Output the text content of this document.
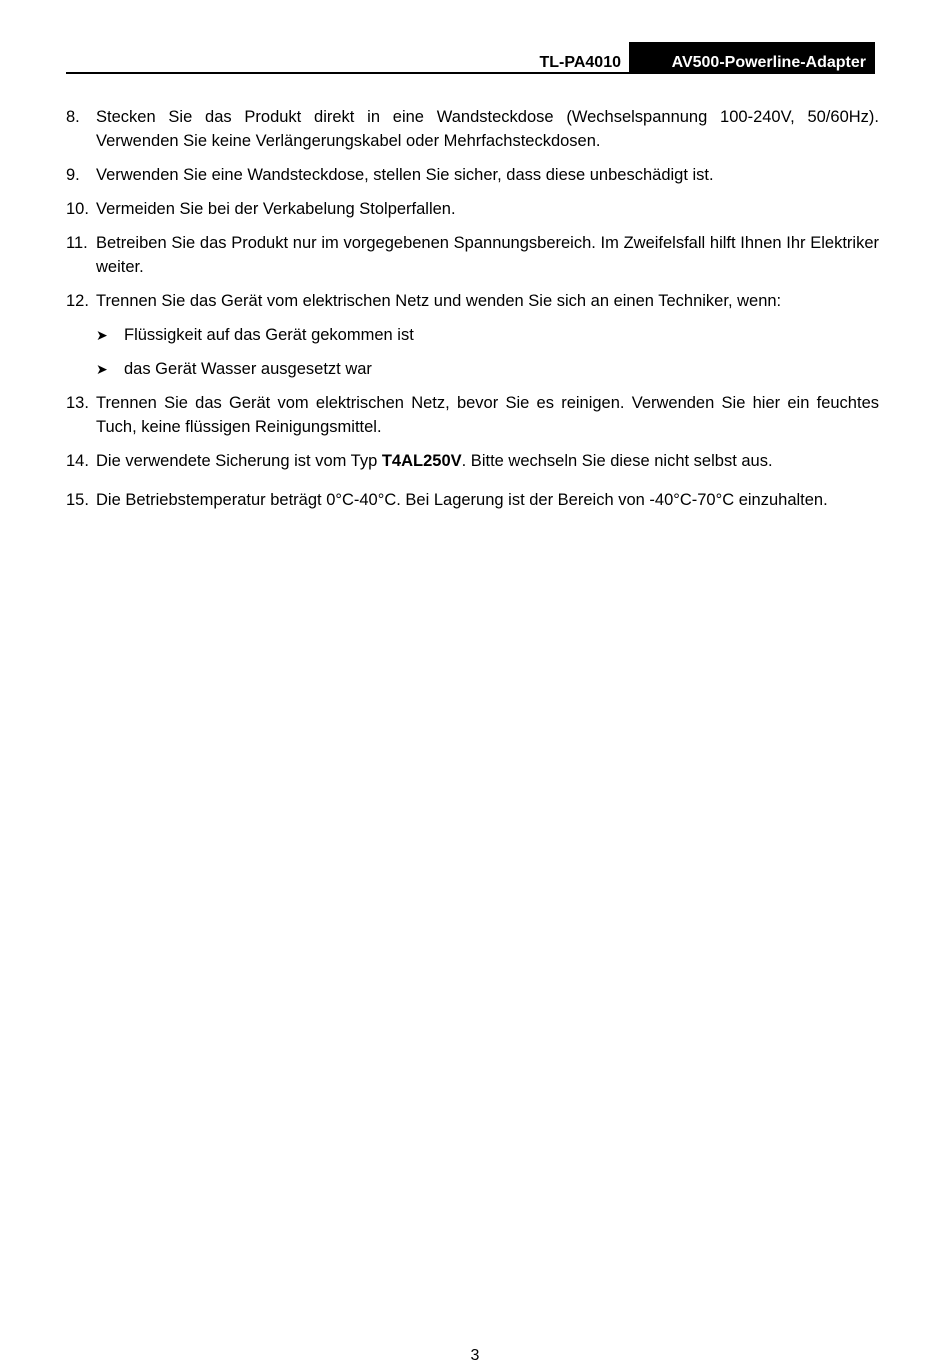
TL-PA4010	AV500-Powerline-Adapter
8. Stecken Sie das Produkt direkt in eine Wandsteckdose (Wechselspannung 100-240V, 50/60Hz). Verwenden Sie keine Verlängerungskabel oder Mehrfachsteckdosen.
9. Verwenden Sie eine Wandsteckdose, stellen Sie sicher, dass diese unbeschädigt ist.
10. Vermeiden Sie bei der Verkabelung Stolperfallen.
11. Betreiben Sie das Produkt nur im vorgegebenen Spannungsbereich. Im Zweifelsfall hilft Ihnen Ihr Elektriker weiter.
12. Trennen Sie das Gerät vom elektrischen Netz und wenden Sie sich an einen Techniker, wenn:
➤ Flüssigkeit auf das Gerät gekommen ist
➤ das Gerät Wasser ausgesetzt war
13. Trennen Sie das Gerät vom elektrischen Netz, bevor Sie es reinigen. Verwenden Sie hier ein feuchtes Tuch, keine flüssigen Reinigungsmittel.
14. Die verwendete Sicherung ist vom Typ T4AL250V. Bitte wechseln Sie diese nicht selbst aus.
15. Die Betriebstemperatur beträgt 0°C-40°C. Bei Lagerung ist der Bereich von -40°C-70°C einzuhalten.
3
